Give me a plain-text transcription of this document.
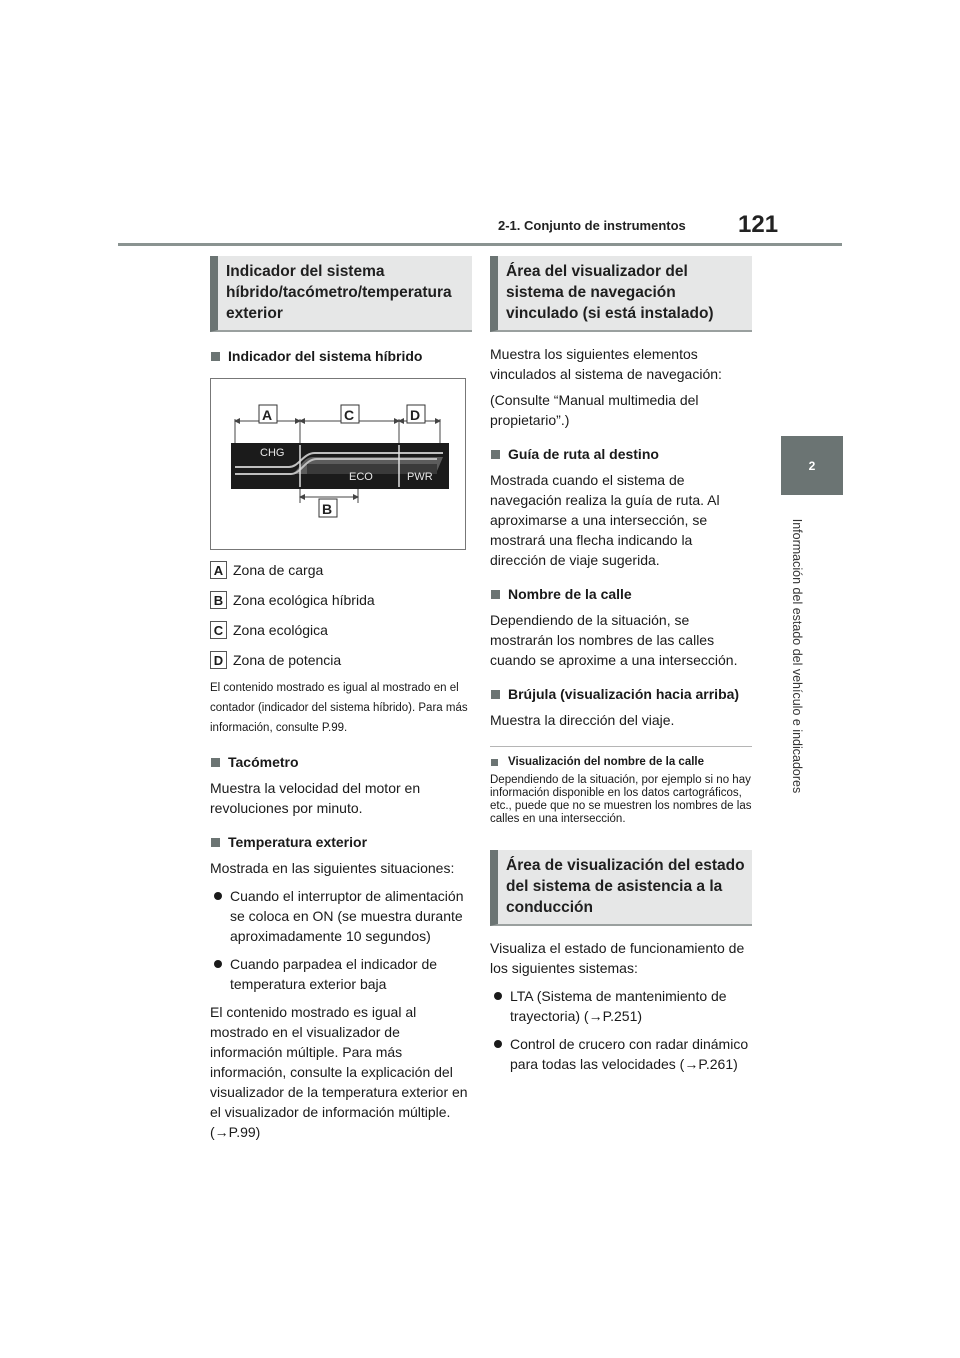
2-1. Conjunto de instrumentos 121
2
Información del estado del vehículo e indicadores
Indicador del sistema híbrido/tacómetro/temperatura exterior
Indicador del sistema híbrido
CHG
ECO	PWR
A	C	D
B
A Zona de carga
B Zona ecológica híbrida
C Zona ecológica
D Zona de potencia
El contenido mostrado es igual al mostrado en el contador (indicador del sistema híbrido). Para más información, consulte P.99.
Tacómetro
Muestra la velocidad del motor en revoluciones por minuto.
Temperatura exterior
Mostrada en las siguientes situaciones:
Cuando el interruptor de alimentación se coloca en ON (se muestra durante aproximadamente 10 segundos)
Cuando parpadea el indicador de temperatura exterior baja
El contenido mostrado es igual al mostrado en el visualizador de información múltiple. Para más información, consulte la explicación del visualizador de la temperatura exterior en el visualizador de información múltiple. (→P.99)
Área del visualizador del sistema de navegación vinculado (si está instalado)
Muestra los siguientes elementos vinculados al sistema de navegación:
(Consulte “Manual multimedia del propietario”.)
Guía de ruta al destino
Mostrada cuando el sistema de navegación realiza la guía de ruta. Al aproximarse a una intersección, se mostrará una flecha indicando la dirección de viaje sugerida.
Nombre de la calle
Dependiendo de la situación, se mostrarán los nombres de las calles cuando se aproxime a una intersección.
Brújula (visualización hacia arriba)
Muestra la dirección del viaje.
Visualización del nombre de la calle
Dependiendo de la situación, por ejemplo si no hay información disponible en los datos cartográficos, etc., puede que no se muestren los nombres de las calles en una intersección.
Área de visualización del estado del sistema de asistencia a la conducción
Visualiza el estado de funcionamiento de los siguientes sistemas:
LTA (Sistema de mantenimiento de trayectoria) (→P.251)
Control de crucero con radar dinámico para todas las velocidades (→P.261)
